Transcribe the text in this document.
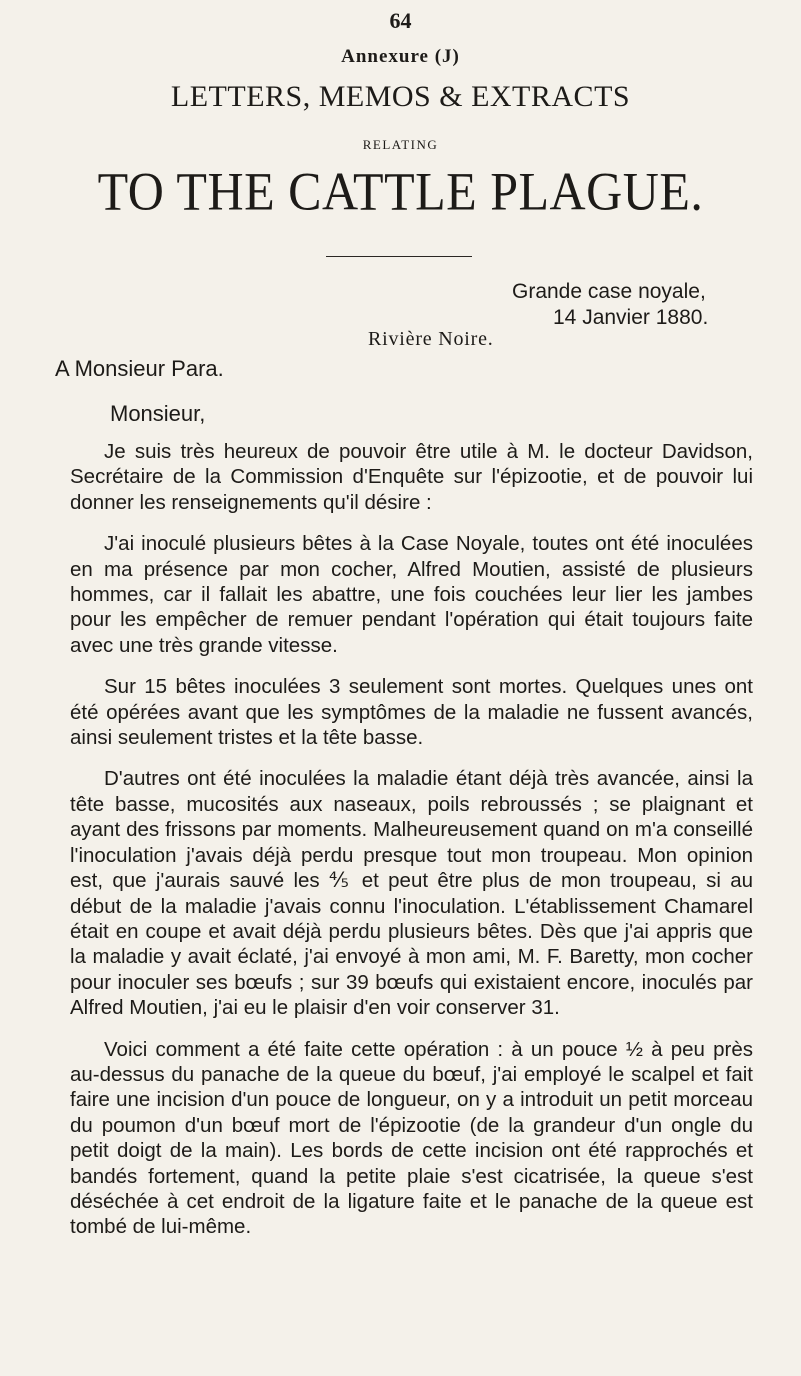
64
Annexure (J)
LETTERS, MEMOS & EXTRACTS
RELATING
TO THE CATTLE PLAGUE.
Grande case noyale,
14 Janvier 1880.
Rivière Noire.
A Monsieur Para.
Monsieur,

Je suis très heureux de pouvoir être utile à M. le docteur Davidson, Secrétaire de la Commission d'Enquête sur l'épizootie, et de pouvoir lui donner les renseignements qu'il désire :

J'ai inoculé plusieurs bêtes à la Case Noyale, toutes ont été inoculées en ma présence par mon cocher, Alfred Moutien, assisté de plusieurs hommes, car il fallait les abattre, une fois couchées leur lier les jambes pour les empêcher de remuer pendant l'opération qui était toujours faite avec une très grande vitesse.

Sur 15 bêtes inoculées 3 seulement sont mortes. Quelques unes ont été opérées avant que les symptômes de la maladie ne fussent avancés, ainsi seulement tristes et la tête basse.

D'autres ont été inoculées la maladie étant déjà très avancée, ainsi la tête basse, mucosités aux naseaux, poils rebroussés ; se plaignant et ayant des frissons par moments. Malheureusement quand on m'a conseillé l'inoculation j'avais déjà perdu presque tout mon troupeau. Mon opinion est, que j'aurais sauvé les ⅘ et peut être plus de mon troupeau, si au début de la maladie j'avais connu l'inoculation. L'établissement Chamarel était en coupe et avait déjà perdu plusieurs bêtes. Dès que j'ai appris que la maladie y avait éclaté, j'ai envoyé à mon ami, M. F. Baretty, mon cocher pour inoculer ses bœufs ; sur 39 bœufs qui existaient encore, inoculés par Alfred Moutien, j'ai eu le plaisir d'en voir conserver 31.

Voici comment a été faite cette opération : à un pouce ½ à peu près au-dessus du panache de la queue du bœuf, j'ai employé le scalpel et fait faire une incision d'un pouce de longueur, on y a introduit un petit morceau du poumon d'un bœuf mort de l'épizootie (de la grandeur d'un ongle du petit doigt de la main). Les bords de cette incision ont été rapprochés et bandés fortement, quand la petite plaie s'est cicatrisée, la queue s'est déséchée à cet endroit de la ligature faite et le panache de la queue est tombé de lui-même.
